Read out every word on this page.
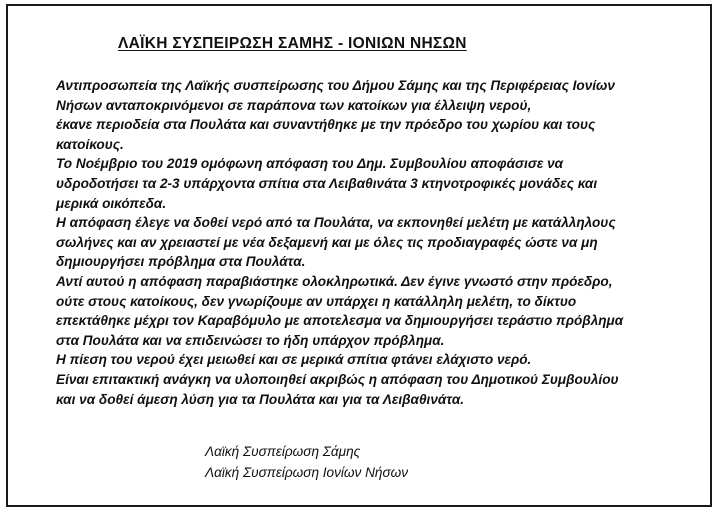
ΛΑΪΚΗ ΣΥΣΠΕΙΡΩΣΗ ΣΑΜΗΣ - ΙΟΝΙΩΝ ΝΗΣΩΝ
Αντιπροσωπεία της Λαϊκής συσπείρωσης του Δήμου Σάμης και της Περιφέρειας Ιονίων
Νήσων ανταποκρινόμενοι σε παράπονα των κατοίκων για έλλειψη νερού,
έκανε περιοδεία στα Πουλάτα και συναντήθηκε με την πρόεδρο του χωρίου και τους
κατοίκους.
Το Νοέμβριο του 2019 ομόφωνη απόφαση του Δημ. Συμβουλίου αποφάσισε να
υδροδοτήσει τα 2-3 υπάρχοντα σπίτια στα Λειβαθινάτα 3 κτηνοτροφικές μονάδες και
μερικά οικόπεδα.
Η απόφαση έλεγε να δοθεί νερό από τα Πουλάτα, να εκπονηθεί μελέτη με κατάλληλους
σωλήνες και αν χρειαστεί με νέα δεξαμενή και με όλες τις προδιαγραφές ώστε να μη
δημιουργήσει πρόβλημα στα Πουλάτα.
Αντί αυτού η απόφαση παραβιάστηκε ολοκληρωτικά. Δεν έγινε γνωστό στην πρόεδρο,
ούτε στους κατοίκους, δεν γνωρίζουμε αν υπάρχει η κατάλληλη μελέτη, το δίκτυο
επεκτάθηκε μέχρι τον Καραβόμυλο με αποτελεσμα να δημιουργήσει τεράστιο πρόβλημα
στα Πουλάτα και να επιδεινώσει το ήδη υπάρχον πρόβλημα.
Η πίεση του νερού έχει μειωθεί και σε μερικά σπίτια φτάνει ελάχιστο νερό.
Είναι επιτακτική ανάγκη να υλοποιηθεί ακριβώς η απόφαση του Δημοτικού Συμβουλίου
και να δοθεί άμεση λύση για τα Πουλάτα και για τα Λειβαθινάτα.
Λαϊκή Συσπείρωση Σάμης
Λαϊκή Συσπείρωση Ιονίων Νήσων
